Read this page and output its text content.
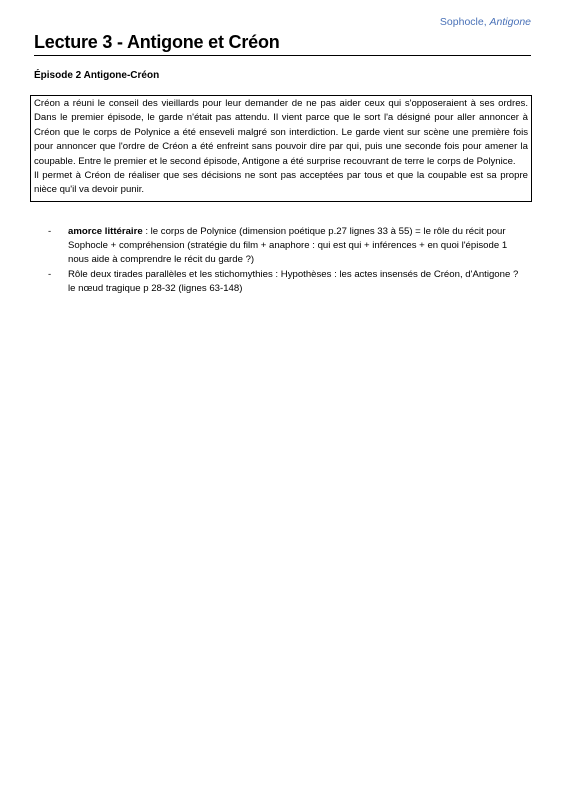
Sophocle, Antigone
Lecture 3 - Antigone et Créon
Épisode 2 Antigone-Créon

Créon a réuni le conseil des vieillards pour leur demander de ne pas aider ceux qui s'opposeraient à ses ordres. Dans le premier épisode, le garde n'était pas attendu. Il vient parce que le sort l'a désigné pour aller annoncer à Créon que le corps de Polynice a été enseveli malgré son interdiction. Le garde vient sur scène une première fois pour annoncer que l'ordre de Créon a été enfreint sans pouvoir dire par qui, puis une seconde fois pour amener la coupable. Entre le premier et le second épisode, Antigone a été surprise recouvrant de terre le corps de Polynice.

Il permet à Créon de réaliser que ses décisions ne sont pas acceptées par tous et que la coupable est sa propre nièce qu'il va devoir punir.

- amorce littéraire : le corps de Polynice (dimension poétique p.27 lignes 33 à 55) = le rôle du récit pour Sophocle + compréhension (stratégie du film + anaphore : qui est qui + inférences + en quoi l'épisode 1 nous aide à comprendre le récit du garde ?)
- Rôle deux tirades parallèles et les stichomythies : Hypothèses : les actes insensés de Créon, d'Antigone ? le nœud tragique p 28-32 (lignes 63-148)
